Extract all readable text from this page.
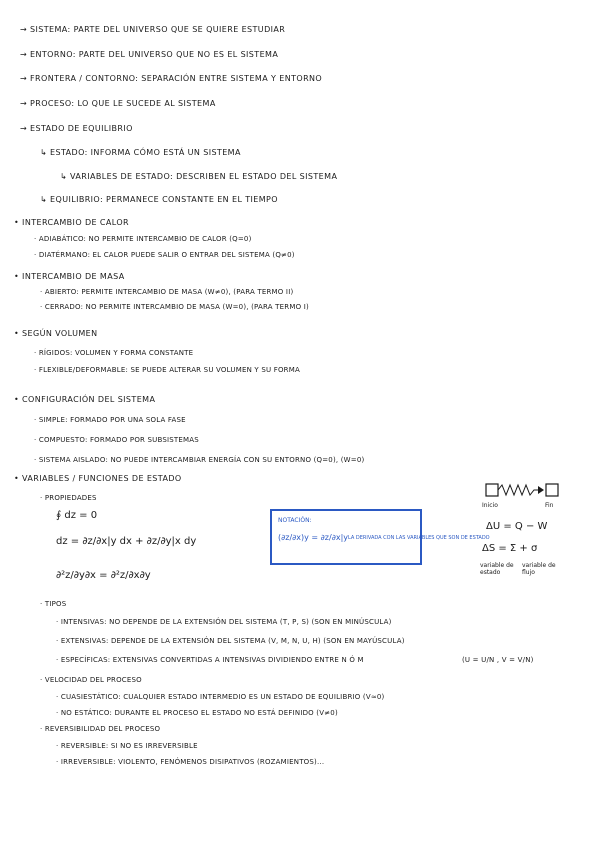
→ SISTEMA: PARTE DEL UNIVERSO QUE SE QUIERE ESTUDIAR
→ ENTORNO: PARTE DEL UNIVERSO QUE NO ES EL SISTEMA
→ FRONTERA / CONTORNO: SEPARACIÓN ENTRE SISTEMA Y ENTORNO
→ PROCESO: LO QUE LE SUCEDE AL SISTEMA
→ ESTADO DE EQUILIBRIO
↳ ESTADO: INFORMA CÓMO ESTÁ UN SISTEMA
↳ VARIABLES DE ESTADO: DESCRIBEN EL ESTADO DEL SISTEMA
↳ EQUILIBRIO: PERMANECE CONSTANTE EN EL TIEMPO
• INTERCAMBIO DE CALOR
· ADIABÁTICO: NO PERMITE INTERCAMBIO DE CALOR (Q=0)
· DIATÉRMANO: EL CALOR PUEDE SALIR O ENTRAR DEL SISTEMA (Q≠0)
• INTERCAMBIO DE MASA
· ABIERTO: PERMITE INTERCAMBIO DE MASA (W≠0), (PARA TERMO II)
· CERRADO: NO PERMITE INTERCAMBIO DE MASA (W=0), (PARA TERMO I)
• SEGÚN VOLUMEN
· RÍGIDOS: VOLUMEN Y FORMA CONSTANTE
· FLEXIBLE/DEFORMABLE: SE PUEDE ALTERAR SU VOLUMEN Y SU FORMA
• CONFIGURACIÓN DEL SISTEMA
· SIMPLE: FORMADO POR UNA SOLA FASE
· COMPUESTO: FORMADO POR SUBSISTEMAS
· SISTEMA AISLADO: NO PUEDE INTERCAMBIAR ENERGÍA CON SU ENTORNO (Q=0), (W=0)
• VARIABLES / FUNCIONES DE ESTADO
· PROPIEDADES
∮ dz = 0
dz = ∂z/∂x|y dx + ∂z/∂y|x dy
∂²z/∂y∂x = ∂²z/∂x∂y
NOTACIÓN:
(∂z/∂x)y = ∂z/∂x|y LA DERIVADA CON LAS VARIABLES QUE SON DE ESTADO
Inicio	Fin
ΔU = Q − W
ΔS = Σ + σ
variable de estado
variable de flujo
· TIPOS
· INTENSIVAS: NO DEPENDE DE LA EXTENSIÓN DEL SISTEMA (T, P, S) (SON EN MINÚSCULA)
· EXTENSIVAS: DEPENDE DE LA EXTENSIÓN DEL SISTEMA (V, M, N, U, H) (SON EN MAYÚSCULA)
· ESPECÍFICAS: EXTENSIVAS CONVERTIDAS A INTENSIVAS DIVIDIENDO ENTRE N Ó M	(U = U/N , V = V/N)
· VELOCIDAD DEL PROCESO
· CUASIESTÁTICO: CUALQUIER ESTADO INTERMEDIO ES UN ESTADO DE EQUILIBRIO (V≈0)
· NO ESTÁTICO: DURANTE EL PROCESO EL ESTADO NO ESTÁ DEFINIDO (V≠0)
· REVERSIBILIDAD DEL PROCESO
· REVERSIBLE: SI NO ES IRREVERSIBLE
· IRREVERSIBLE: VIOLENTO, FENÓMENOS DISIPATIVOS (ROZAMIENTOS)...
